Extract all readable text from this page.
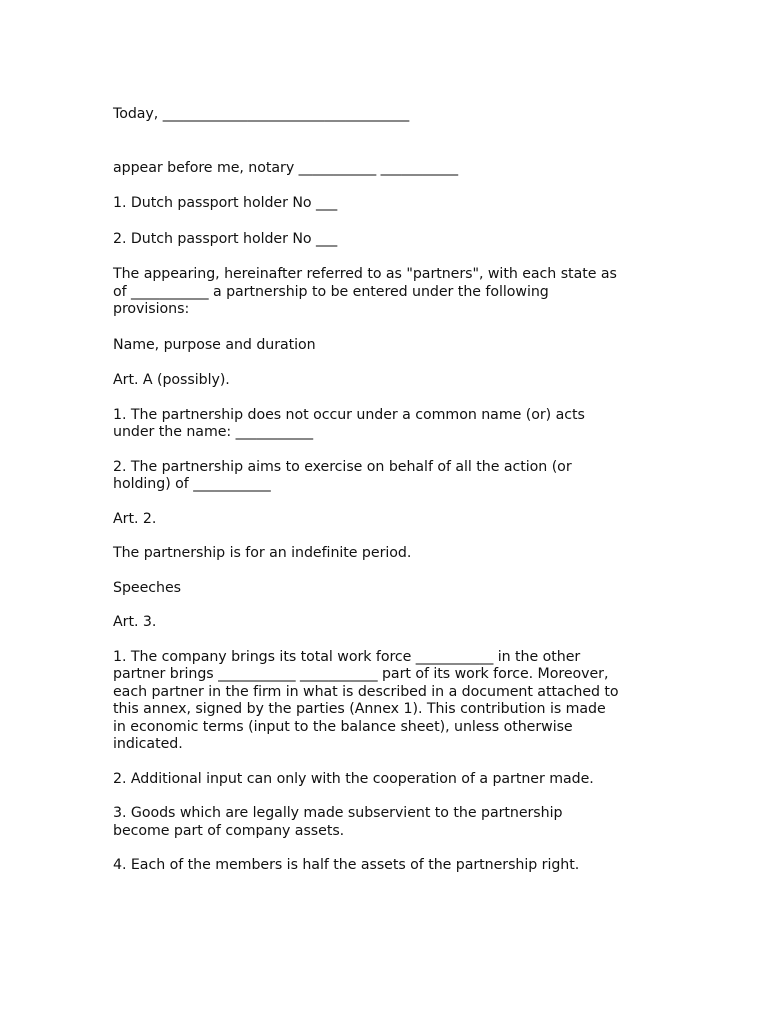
Today, ___________________________________

appear before me, notary ___________ ___________

1. Dutch passport holder No ___

2. Dutch passport holder No ___

The appearing, hereinafter referred to as "partners", with each state as
of ___________ a partnership to be entered under the following
provisions:

Name, purpose and duration

Art. A (possibly).

1. The partnership does not occur under a common name (or) acts
under the name: ___________

2. The partnership aims to exercise on behalf of all the action (or
holding) of ___________

Art. 2.

The partnership is for an indefinite period.

Speeches

Art. 3.

1. The company brings its total work force ___________ in the other
partner brings ___________ ___________ part of its work force. Moreover,
each partner in the firm in what is described in a document attached to
this annex, signed by the parties (Annex 1). This contribution is made
in economic terms (input to the balance sheet), unless otherwise
indicated.

2. Additional input can only with the cooperation of a partner made.

3. Goods which are legally made subservient to the partnership
become part of company assets.

4. Each of the members is half the assets of the partnership right.
